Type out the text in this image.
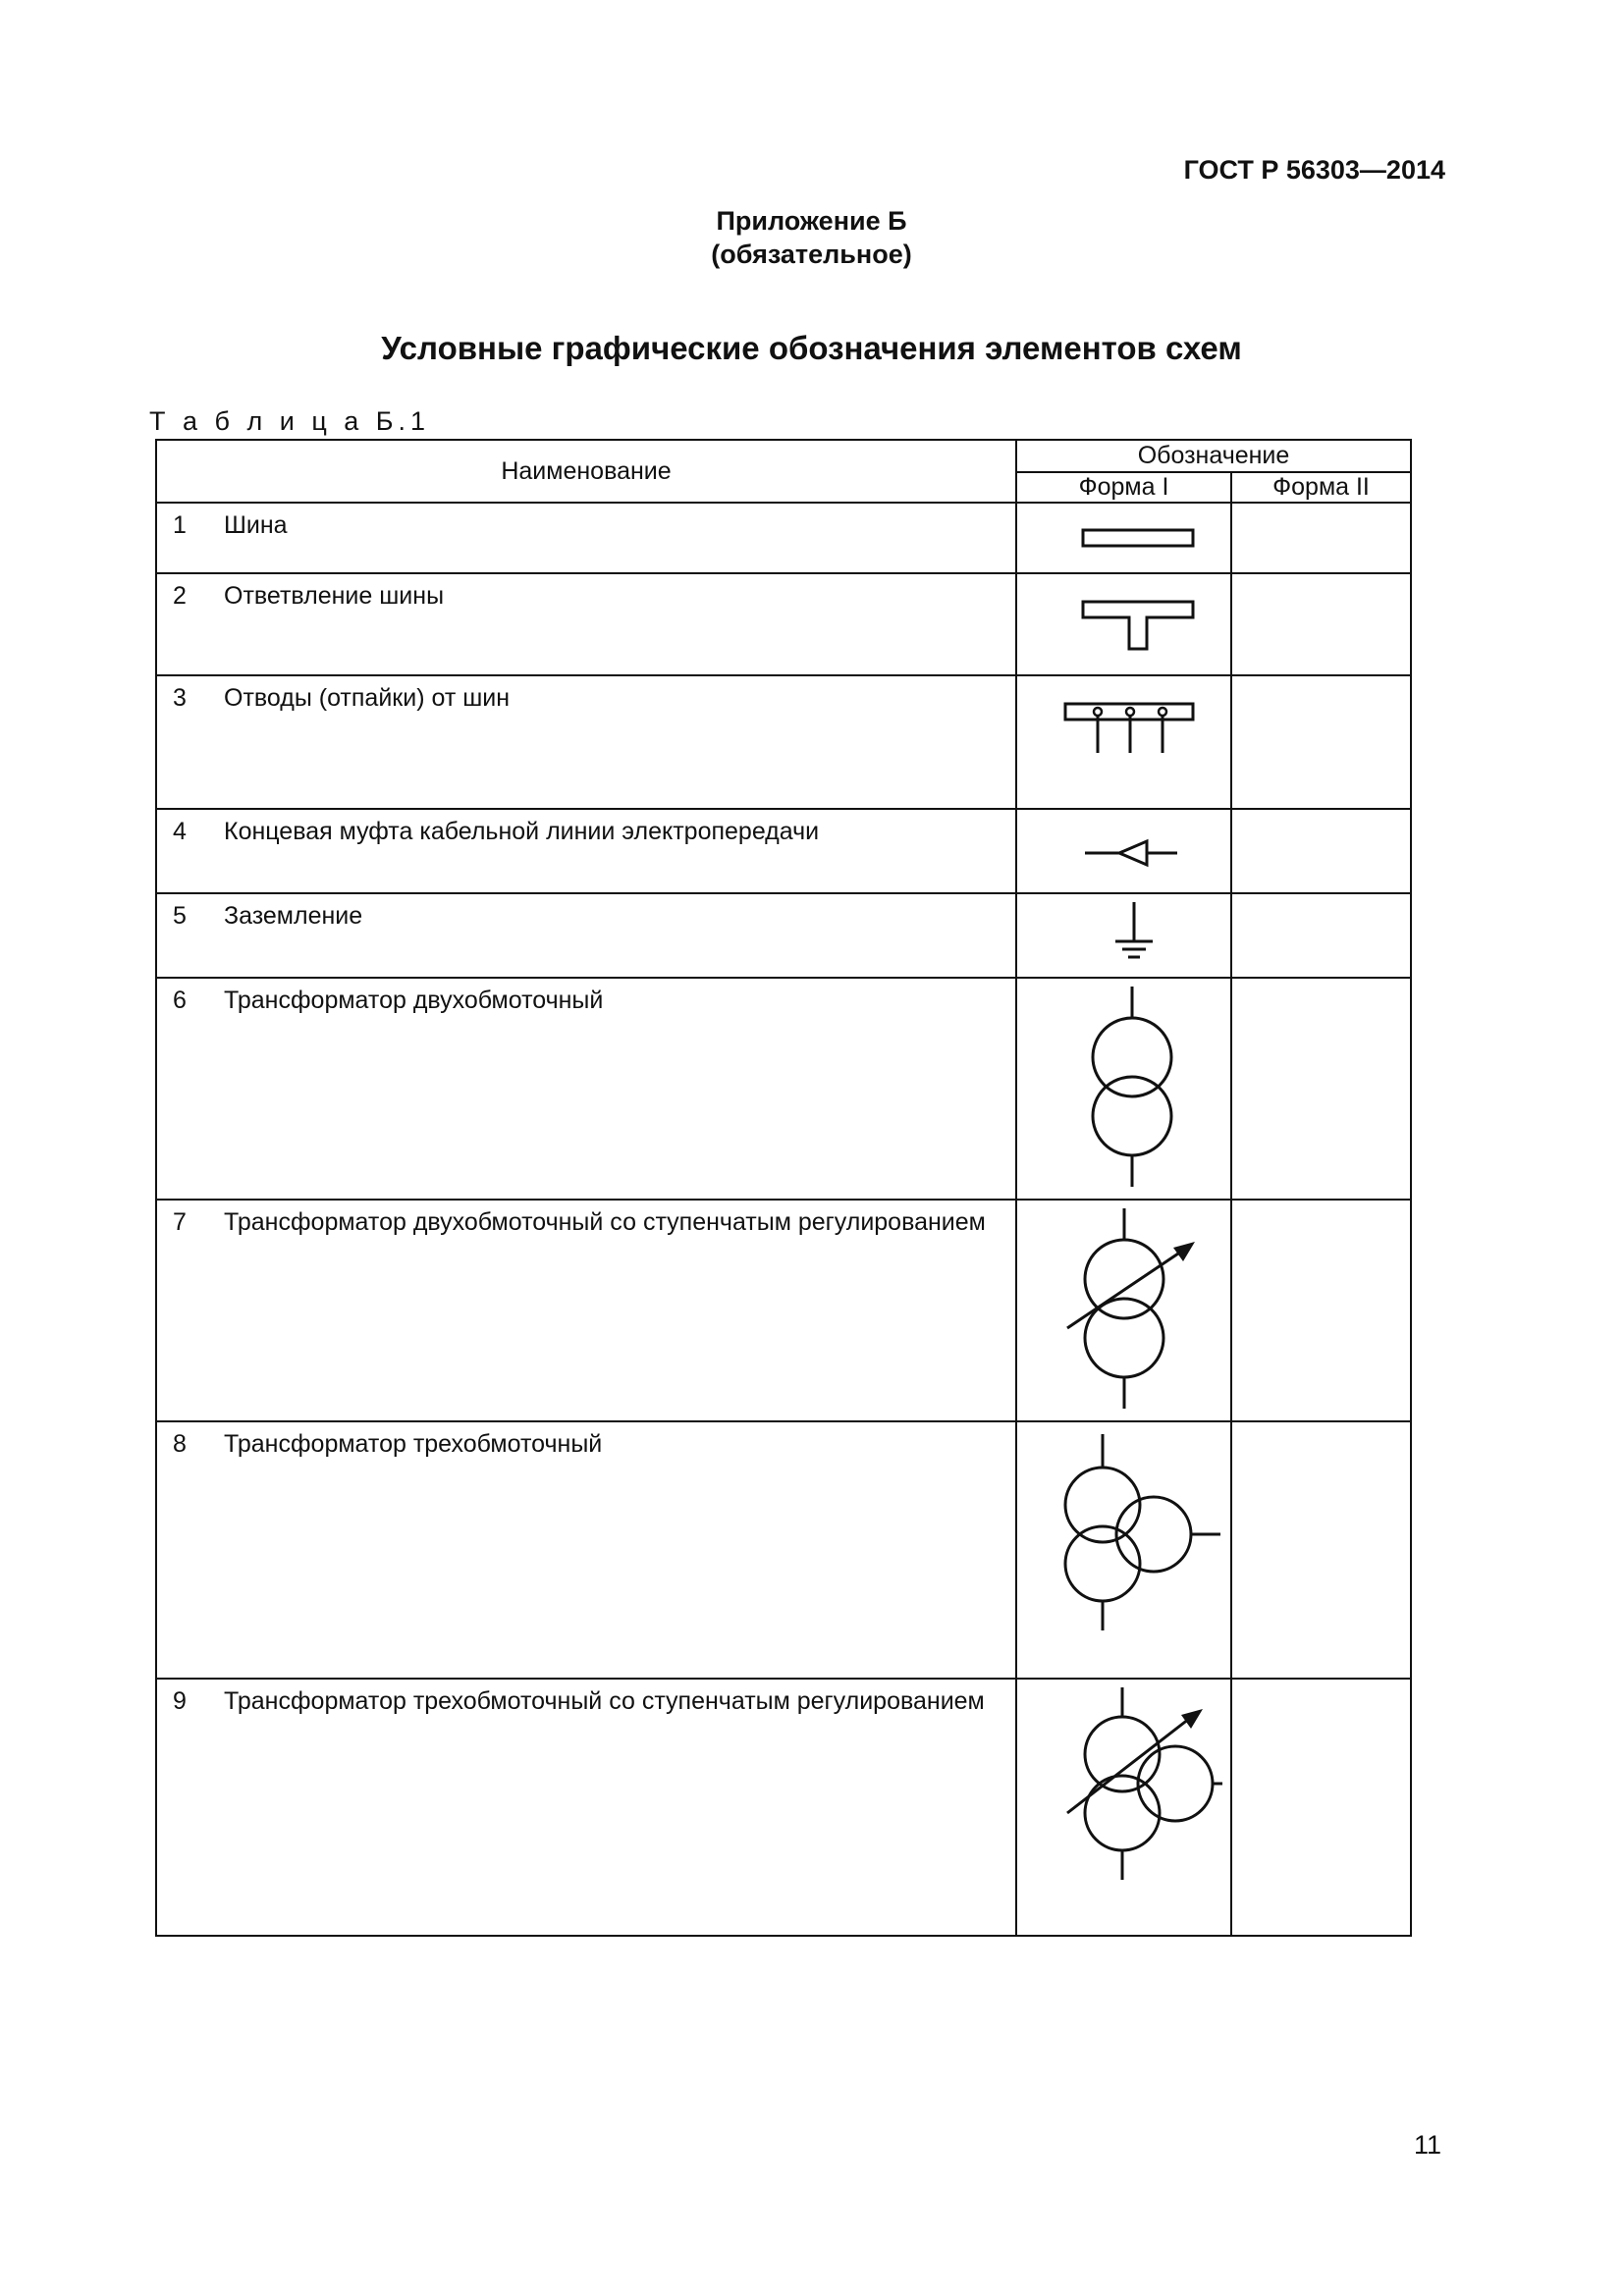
ГОСТ Р 56303—2014
Приложение Б
(обязательное)
Условные графические обозначения элементов схем
Т а б л и ц а Б.1
Наименование	Обозначение	
	Форма I	Форма II
1 Шина	

2 Ответвление шины	

3 Отводы (отпайки) от шин	

4 Концевая муфта кабельной линии электропередачи	

5 Заземление	

6 Трансформатор двухобмоточный	

7 Трансформатор двухобмоточный со ступенчатым регулированием	

8 Трансформатор трехобмоточный	

9 Трансформатор трехобмоточный со ступенчатым регулированием	

11
